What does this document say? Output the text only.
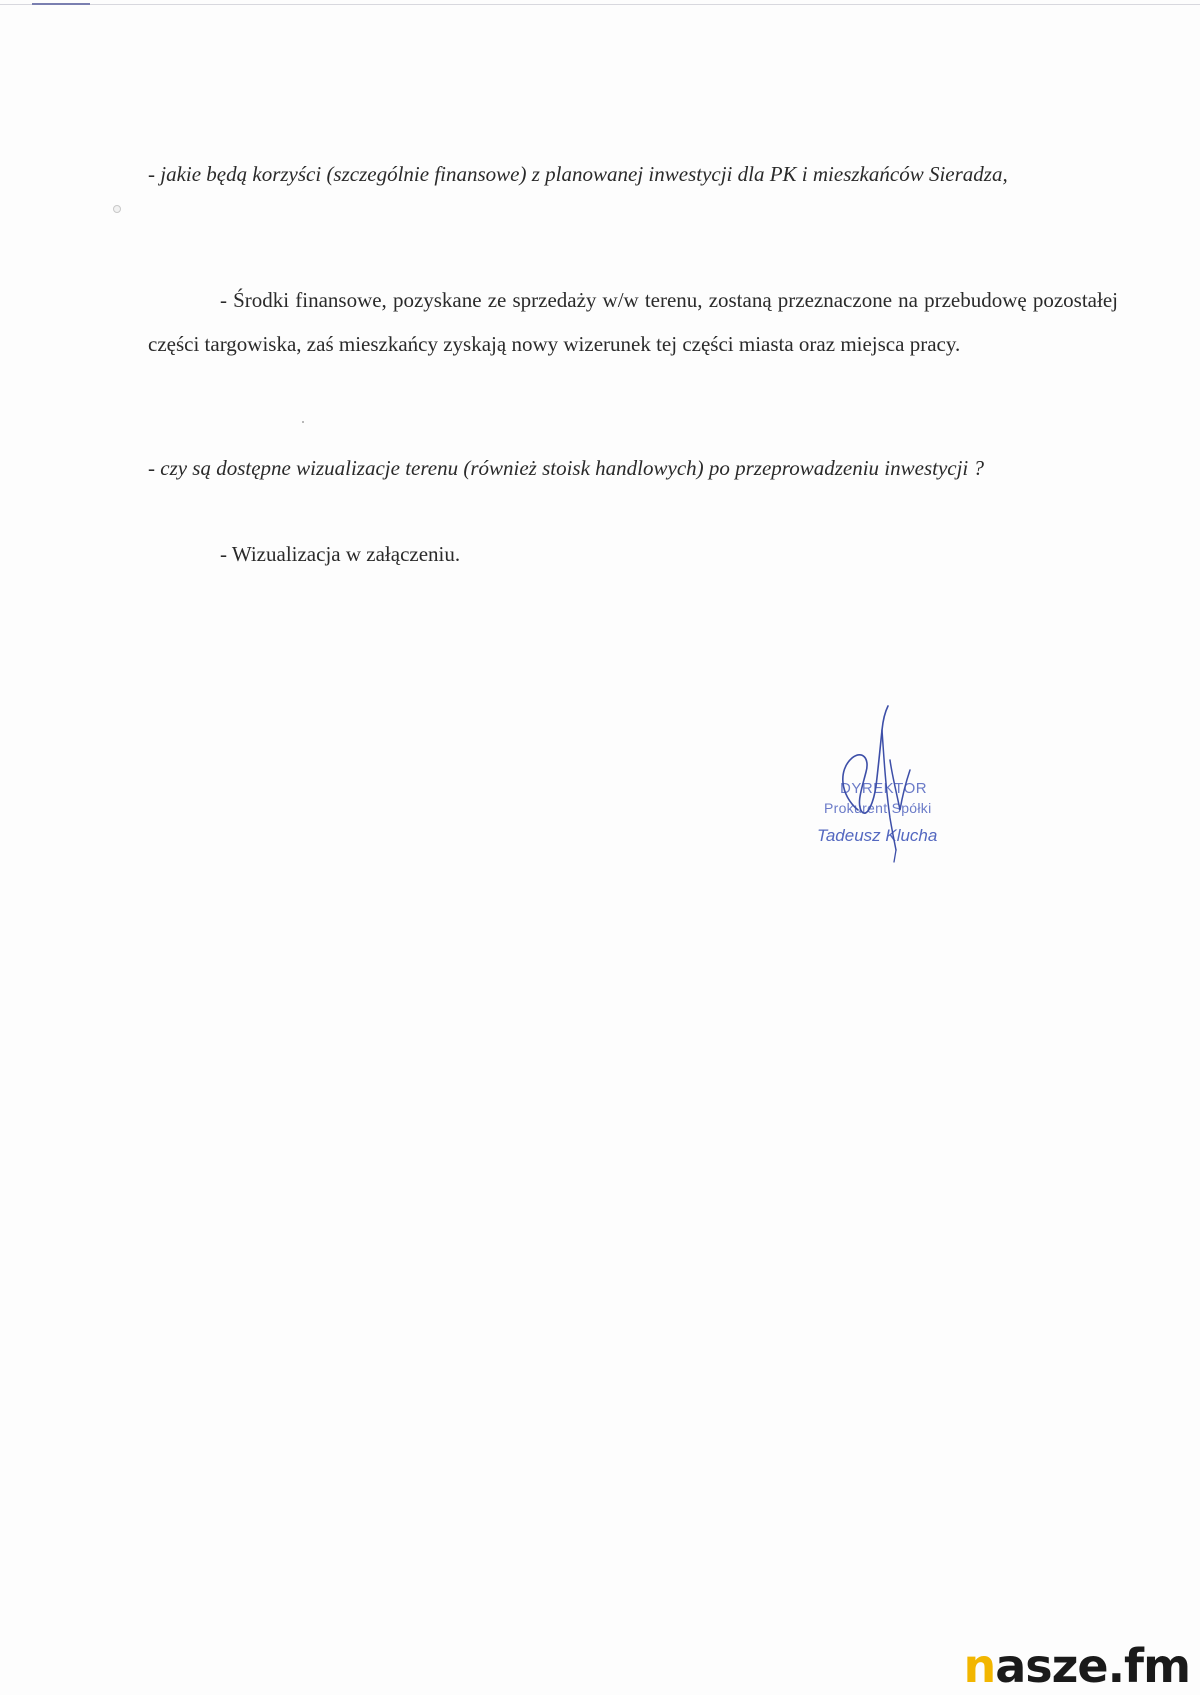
- jakie będą korzyści (szczególnie finansowe) z planowanej inwestycji dla PK i mieszkańców Sieradza,

- Środki finansowe, pozyskane ze sprzedaży w/w terenu, zostaną przeznaczone na przebudowę pozostałej części targowiska, zaś mieszkańcy zyskają nowy wizerunek tej części miasta oraz miejsca pracy.

- czy są dostępne wizualizacje terenu (również stoisk handlowych) po przeprowadzeniu inwestycji ?

- Wizualizacja w załączeniu.

DYREKTOR
Prokurent Spółki
Tadeusz Klucha
nasze.fm
